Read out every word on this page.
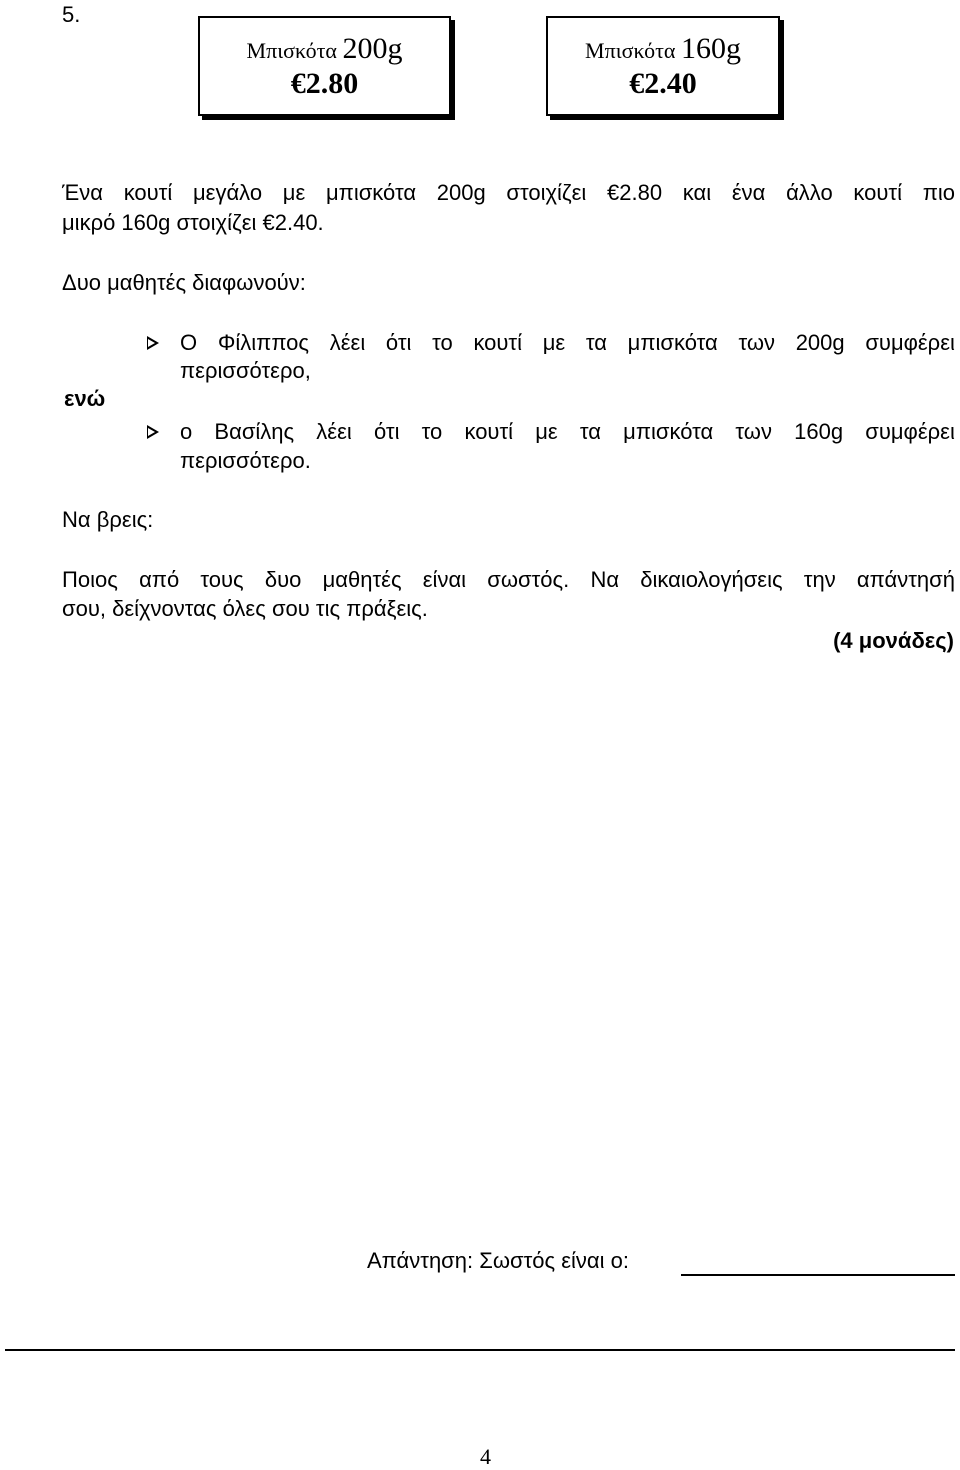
5.
Μπισκότα 200g
€2.80
Μπισκότα 160g
€2.40
Ένα κουτί μεγάλο με μπισκότα 200g στοιχίζει €2.80 και ένα άλλο κουτί πιο
μικρό 160g στοιχίζει €2.40.
Δυο μαθητές διαφωνούν:
Ο Φίλιππος λέει ότι το κουτί με τα μπισκότα των 200g συμφέρει
περισσότερο,
ενώ
ο Βασίλης λέει ότι το κουτί με τα μπισκότα των 160g συμφέρει
περισσότερο.
Να βρεις:
Ποιος από τους δυο μαθητές είναι σωστός. Να δικαιολογήσεις την απάντησή
σου, δείχνοντας όλες σου τις πράξεις.
(4 μονάδες)
Απάντηση: Σωστός είναι ο:
4
